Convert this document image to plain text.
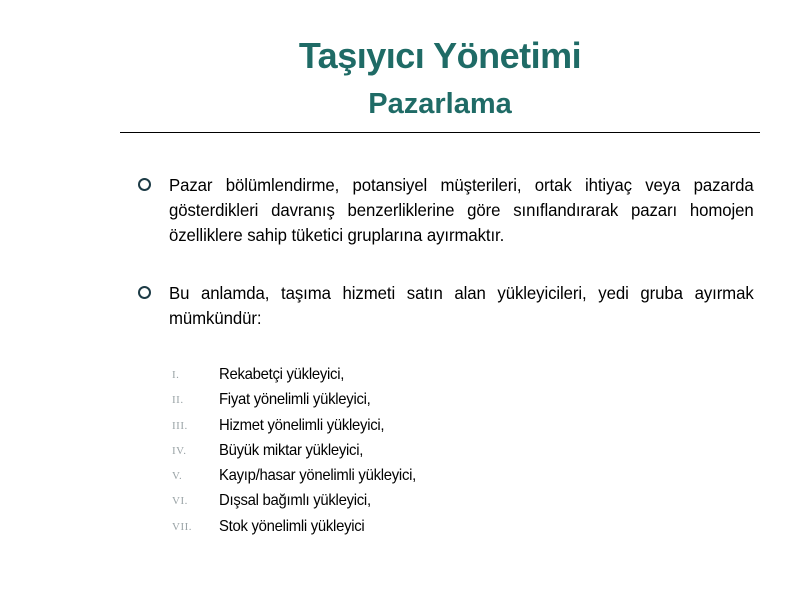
Taşıyıcı Yönetimi
Pazarlama
Pazar bölümlendirme, potansiyel müşterileri, ortak ihtiyaç veya pazarda gösterdikleri davranış benzerliklerine göre sınıflandırarak pazarı homojen özelliklere sahip tüketici gruplarına ayırmaktır.
Bu anlamda, taşıma hizmeti satın alan yükleyicileri, yedi gruba ayırmak mümkündür:
I. Rekabetçi yükleyici,
II. Fiyat yönelimli yükleyici,
III. Hizmet yönelimli yükleyici,
IV. Büyük miktar yükleyici,
V. Kayıp/hasar yönelimli yükleyici,
VI. Dışsal bağımlı yükleyici,
VII. Stok yönelimli yükleyici
